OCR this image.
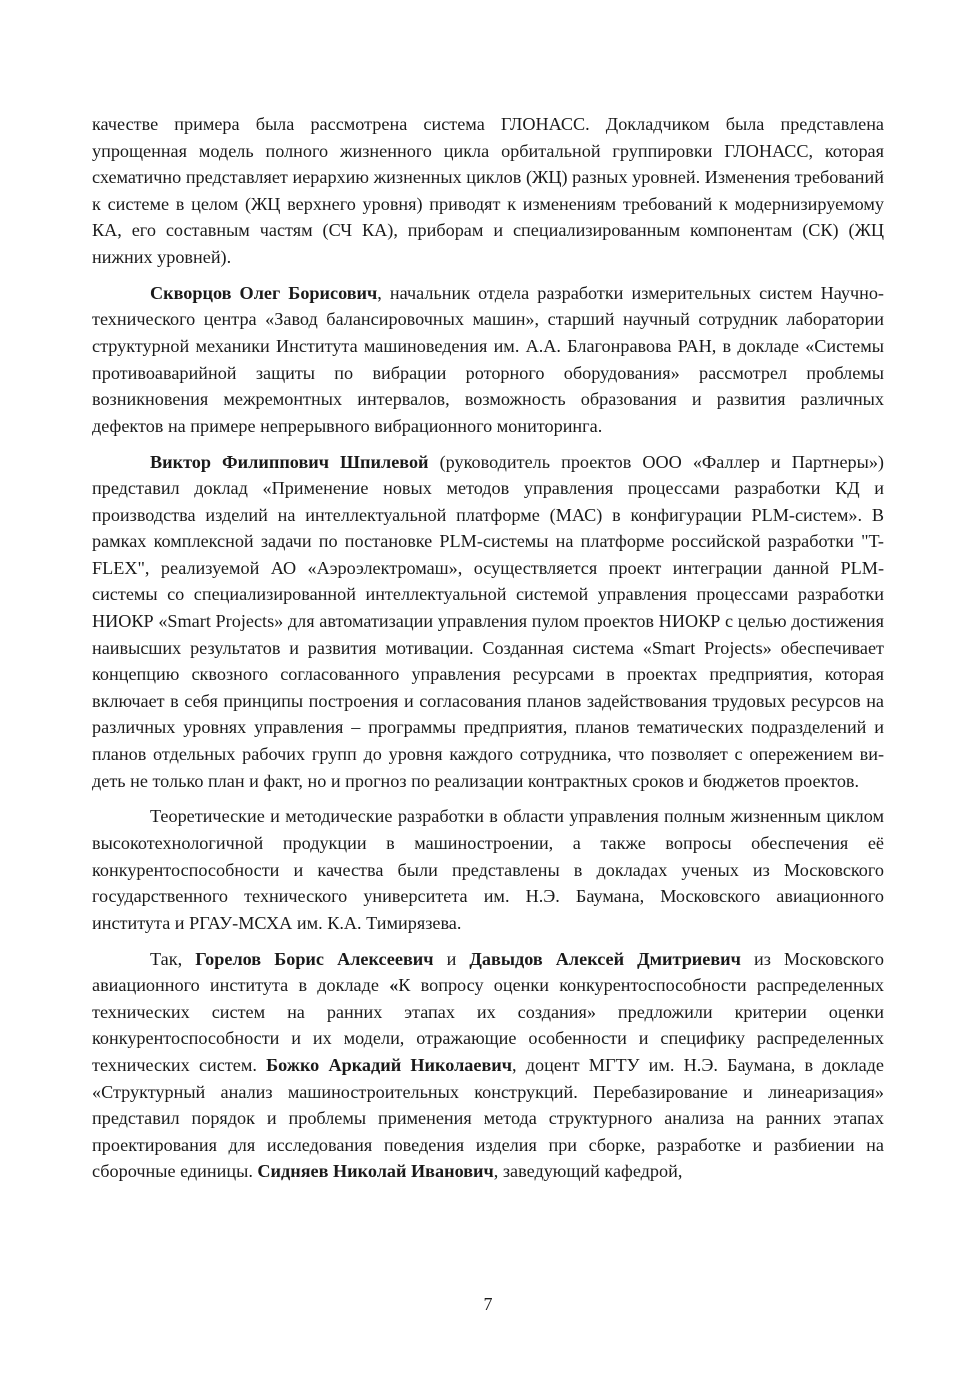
качестве примера была рассмотрена система ГЛОНАСС. Докладчиком была представлена упрощенная модель полного жизненного цикла орбитальной группировки ГЛОНАСС, которая схематично представляет иерархию жизненных циклов (ЖЦ) разных уровней. Изменения требований к системе в целом (ЖЦ верхнего уровня) приводят к изменениям требований к модернизируемому КА, его составным частям (СЧ КА), приборам и специализированным компонентам (СК) (ЖЦ нижних уровней).

Скворцов Олег Борисович, начальник отдела разработки измерительных систем Научно-технического центра «Завод балансировочных машин», старший научный сотрудник лаборатории структурной механики Института машиноведения им. А.А. Благонравова РАН, в докладе «Системы противоаварийной защиты по вибрации роторного оборудования» рассмотрел проблемы возникновения межремонтных интервалов, возможность образования и развития различных дефектов на примере непрерывного вибрационного мониторинга.

Виктор Филиппович Шпилевой (руководитель проектов ООО «Фаллер и Партнеры») представил доклад «Применение новых методов управления процессами разработки КД и производства изделий на интеллектуальной платформе (МАС) в конфигурации PLM-систем». В рамках комплексной задачи по постановке PLM-системы на платформе российской разработки "T-FLEX", реализуемой АО «Аэроэлектромаш», осуществляется проект интеграции данной PLM-системы со специализированной интеллектуальной системой управления процессами разработки НИОКР «Smart Projects» для автоматизации управления пулом проектов НИОКР с целью достижения наивысших результатов и развития мотивации. Созданная система «Smart Projects» обеспечивает концепцию сквозного согласованного управления ресурсами в проектах предприятия, которая включает в себя принципы построения и согласования планов задействования трудовых ресурсов на различных уровнях управления – программы предприятия, планов тематических подразделений и планов отдельных рабочих групп до уровня каждого сотрудника, что позволяет с опережением видеть не только план и факт, но и прогноз по реализации контрактных сроков и бюджетов проектов.

Теоретические и методические разработки в области управления полным жизненным циклом высокотехнологичной продукции в машиностроении, а также вопросы обеспечения её конкурентоспособности и качества были представлены в докладах ученых из Московского государственного технического университета им. Н.Э. Баумана, Московского авиационного института и РГАУ-МСХА им. К.А. Тимирязева.

Так, Горелов Борис Алексеевич и Давыдов Алексей Дмитриевич из Московского авиационного института в докладе «К вопросу оценки конкурентоспособности распределенных технических систем на ранних этапах их создания» предложили критерии оценки конкурентоспособности и их модели, отражающие особенности и специфику распределенных технических систем. Божко Аркадий Николаевич, доцент МГТУ им. Н.Э. Баумана, в докладе «Структурный анализ машиностроительных конструкций. Перебазирование и линеаризация» представил порядок и проблемы применения метода структурного анализа на ранних этапах проектирования для исследования поведения изделия при сборке, разработке и разбиении на сборочные единицы. Сидняев Николай Иванович, заведующий кафедрой,

7
